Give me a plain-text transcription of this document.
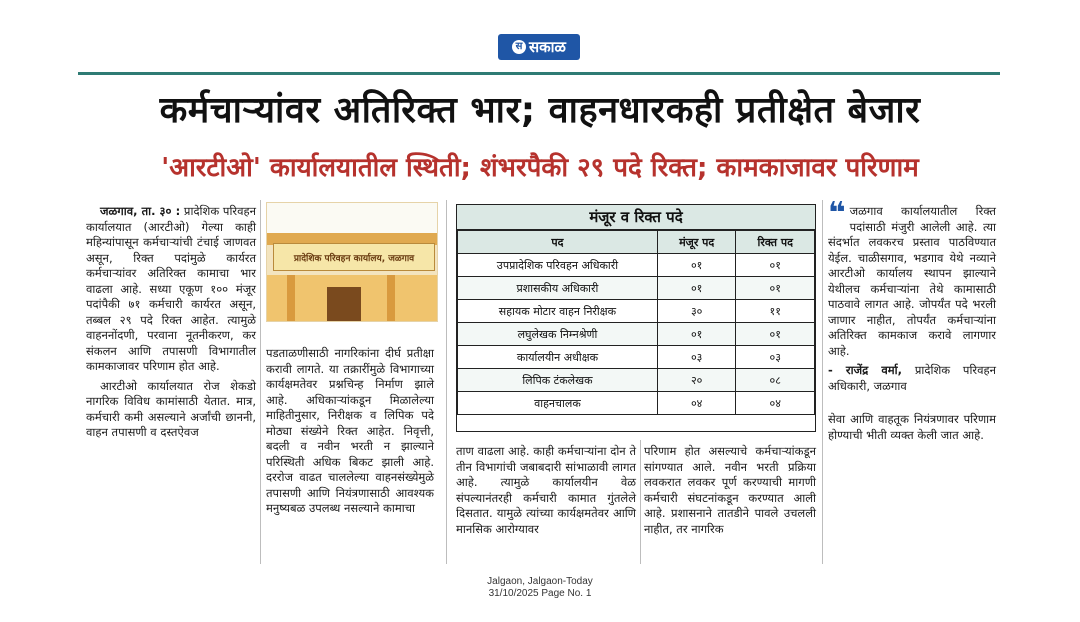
स सकाळ
कर्मचाऱ्यांवर अतिरिक्त भार; वाहनधारकही प्रतीक्षेत बेजार
'आरटीओ' कार्यालयातील स्थिती; शंभरपैकी २९ पदे रिक्त; कामकाजावर परिणाम

जळगाव, ता. ३० : प्रादेशिक परिवहन कार्यालयात (आरटीओ) गेल्या काही महिन्यांपासून कर्मचाऱ्यांची टंचाई जाणवत असून, रिक्त पदांमुळे कार्यरत कर्मचाऱ्यांवर अतिरिक्त कामाचा भार वाढला आहे. सध्या एकूण १०० मंजूर पदांपैकी ७१ कर्मचारी कार्यरत असून, तब्बल २९ पदे रिक्त आहेत. त्यामुळे वाहननोंदणी, परवाना नूतनीकरण, कर संकलन आणि तपासणी विभागातील कामकाजावर परिणाम होत आहे.

आरटीओ कार्यालयात रोज शेकडो नागरिक विविध कामांसाठी येतात. मात्र, कर्मचारी कमी असल्याने अर्जांची छाननी, वाहन तपासणी व दस्तऐवज

प्रादेशिक परिवहन कार्यालय, जळगाव

पडताळणीसाठी नागरिकांना दीर्घ प्रतीक्षा करावी लागते. या तक्रारींमुळे विभागाच्या कार्यक्षमतेवर प्रश्नचिन्ह निर्माण झाले आहे. अधिकाऱ्यांकडून मिळालेल्या माहितीनुसार, निरीक्षक व लिपिक पदे मोठ्या संख्येने रिक्त आहेत. निवृत्ती, बदली व नवीन भरती न झाल्याने परिस्थिती अधिक बिकट झाली आहे. दररोज वाढत चाललेल्या वाहनसंख्येमुळे तपासणी आणि नियंत्रणासाठी आवश्यक मनुष्यबळ उपलब्ध नसल्याने कामाचा

मंजूर व रिक्त पदे
पद	मंजूर पद	रिक्त पद
उपप्रादेशिक परिवहन अधिकारी	०१	०१
प्रशासकीय अधिकारी	०१	०१
सहायक मोटार वाहन निरीक्षक	३०	११
लघुलेखक निम्नश्रेणी	०१	०१
कार्यालयीन अधीक्षक	०३	०३
लिपिक टंकलेखक	२०	०८
वाहनचालक	०४	०४

ताण वाढला आहे. काही कर्मचाऱ्यांना दोन ते तीन विभागांची जबाबदारी सांभाळावी लागत आहे. त्यामुळे कार्यालयीन वेळ संपल्यानंतरही कर्मचारी कामात गुंतलेले दिसतात. यामुळे त्यांच्या कार्यक्षमतेवर आणि मानसिक आरोग्यावर

परिणाम होत असल्याचे कर्मचाऱ्यांकडून सांगण्यात आले. नवीन भरती प्रक्रिया लवकरात लवकर पूर्ण करण्याची मागणी कर्मचारी संघटनांकडून करण्यात आली आहे. प्रशासनाने तातडीने पावले उचलली नाहीत, तर नागरिक

❝ जळगाव कार्यालयातील रिक्त पदांसाठी मंजुरी आलेली आहे. त्या संदर्भात लवकरच प्रस्ताव पाठविण्यात येईल. चाळीसगाव, भडगाव येथे नव्याने आरटीओ कार्यालय स्थापन झाल्याने येथीलच कर्मचाऱ्यांना तेथे कामासाठी पाठवावे लागत आहे. जोपर्यंत पदे भरली जाणार नाहीत, तोपर्यंत कर्मचाऱ्यांना अतिरिक्त कामकाज करावे लागणार आहे.

- राजेंद्र वर्मा, प्रादेशिक परिवहन अधिकारी, जळगाव

सेवा आणि वाहतूक नियंत्रणावर परिणाम होण्याची भीती व्यक्त केली जात आहे.

Jalgaon, Jalgaon-Today
31/10/2025 Page No. 1
